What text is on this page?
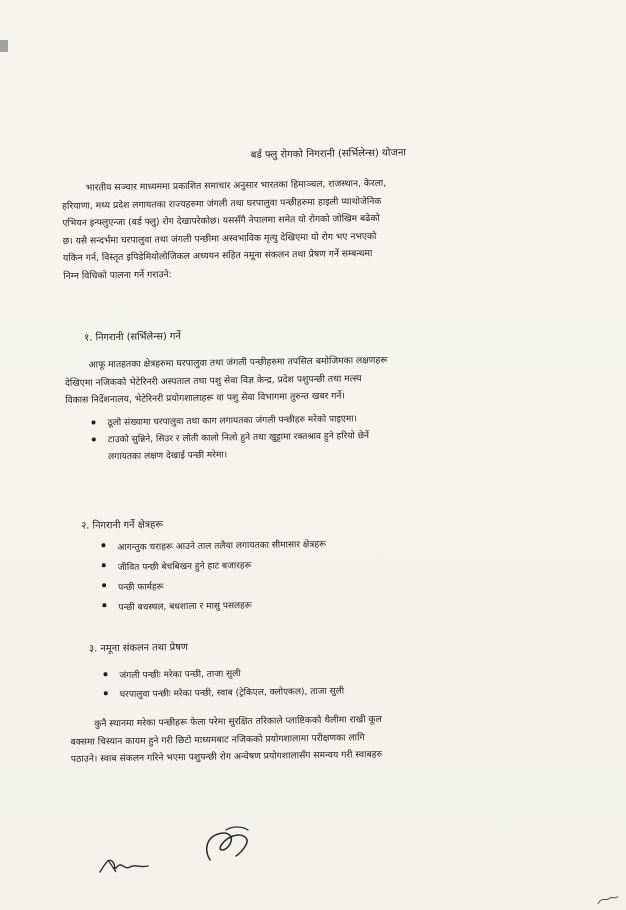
बर्ड फ्लु रोगको निगरानी (सर्भिलेन्स) योजना
भारतीय सञ्चार माध्यममा प्रकाशित समाचार अनुसार भारतका हिमाञ्चल, राजस्थान, केरला,
हरियाणा, मध्य प्रदेश लगायतका राज्यहरुमा जंगली तथा घरपालुवा पन्छीहरुमा हाइली प्याथोजेनिक
एभियन इन्फ्लुएन्जा (बर्ड फ्लु) रोग देखापरेकोछ। यससँगै नेपालमा समेत यो रोगको जोखिम बढेको
छ। यसै सन्दर्भमा घरपालुवा तथा जंगली पन्छीमा अस्वभाविक मृत्यु देखिएमा यो रोग भए नभएको
यकिन गर्न, विस्तृत इपिडेमियोलोजिकल अध्ययन सहित नमूना संकलन तथा प्रेषण गर्ने सम्बन्धमा
निम्न विधिको पालना गर्ने गराउने:
१. निगरानी (सर्भिलेन्स) गर्ने
आफू मातहतका क्षेत्रहरुमा घरपालुवा तथा जंगली पन्छीहरुमा तपसिल बमोजिमका लक्षणहरू
देखिएमा नजिकको भेटेरिनरी अस्पताल तथा पशु सेवा विज्ञ केन्द्र, प्रदेश पशुपन्छी तथा मत्स्य
विकास निर्देशनालय, भेटेरिनरी प्रयोगशालाहरू वा पशु सेवा विभागमा तुरुन्त खबर गर्ने।
ठूलो संख्यामा घरपालुवा तथा काग लगायतका जंगली पन्छीहरु मरेको पाइएमा।
टाउको सुन्निने, सिउर र लोती कालो निलो हुने तथा खुट्टामा रक्तश्राव हुने हरियो छेर्ने
लगायतका लक्षण देखाई पन्छी मरेमा।
२. निगरानी गर्ने क्षेत्रहरू
आगन्तुक चराहरू आउने ताल तलैया लगायतका सीमासार क्षेत्रहरू
जीवित पन्छी बेचबिखन हुने हाट बजारहरू
पन्छी फार्महरू
पन्छी बधस्थल, बधशाला र मासु पसलहरू
३. नमूना संकलन तथा प्रेषण
जंगली पन्छीः मरेका पन्छी, ताजा सुली
घरपालुवा पन्छीः मरेका पन्छी, स्वाब (ट्रेकिएल, क्लोएकल), ताजा सुली
कुनै स्थानमा मरेका पन्छीहरू फेला परेमा सुरक्षित तरिकाले प्लाष्टिकको थैलीमा राखी कूल
बक्समा चिस्यान कायम हुने गरी छिटो माध्यमबाट नजिकको प्रयोगशालामा परीक्षणका लागि
पठाउने। स्वाब संकलन गरिने भएमा पशुपन्छी रोग अन्वेषण प्रयोगशालासँग समन्वय गरी स्वाबहरु
